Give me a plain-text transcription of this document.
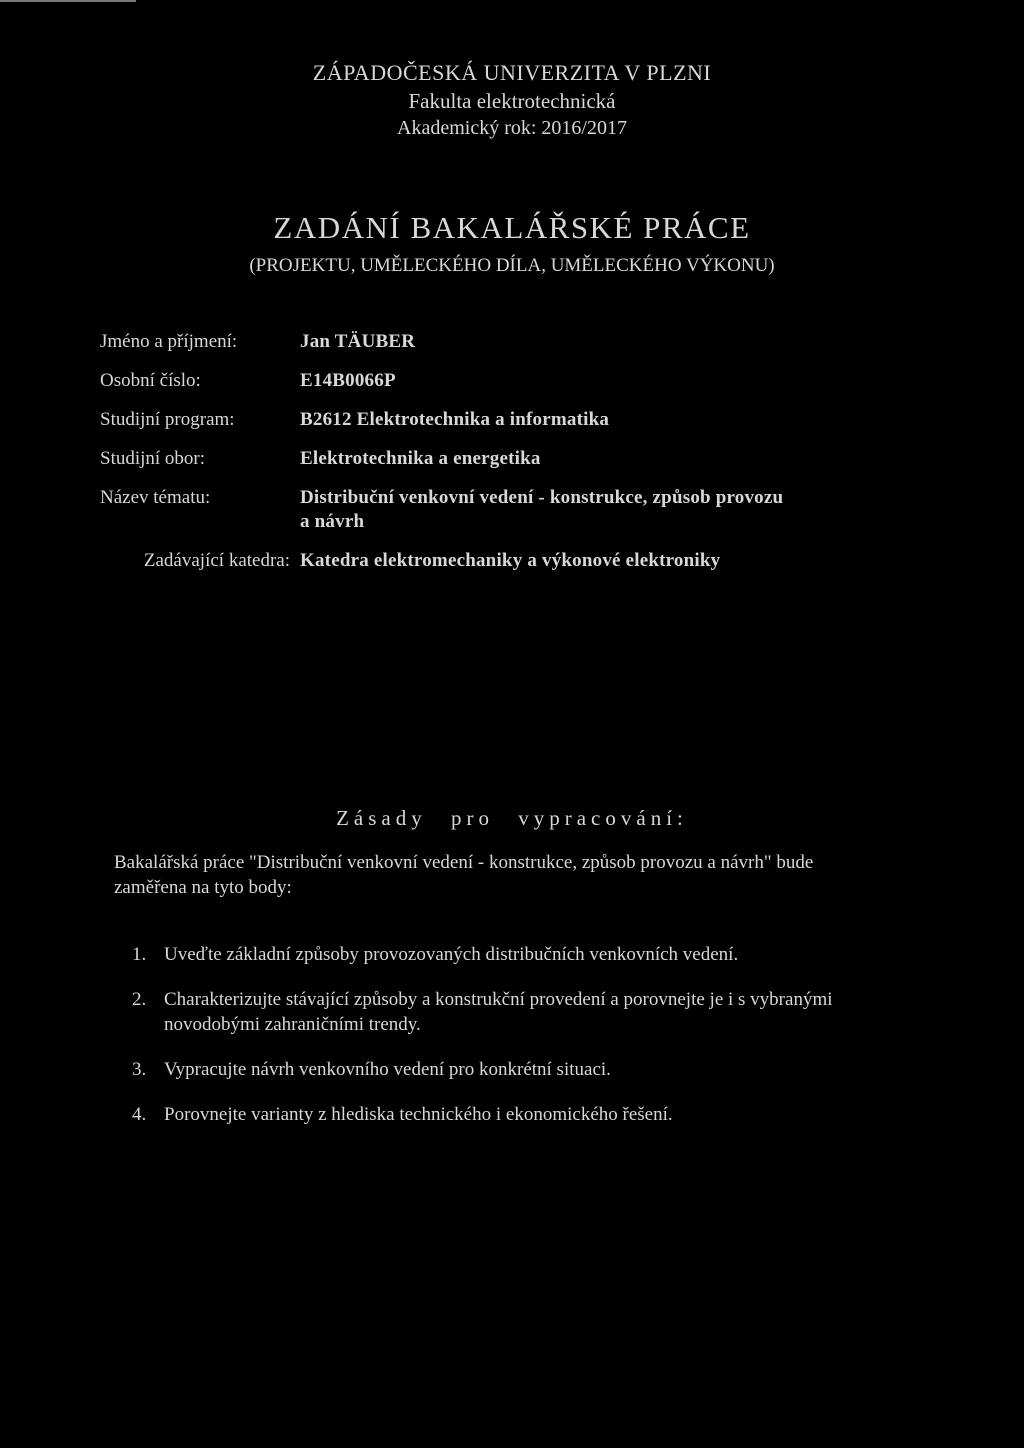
ZÁPADOČESKÁ UNIVERZITA V PLZNI
Fakulta elektrotechnická
Akademický rok: 2016/2017
ZADÁNÍ BAKALÁŘSKÉ PRÁCE
(PROJEKTU, UMĚLECKÉHO DÍLA, UMĚLECKÉHO VÝKONU)
Jméno a příjmení:	Jan TÄUBER
Osobní číslo:	E14B0066P
Studijní program:	B2612 Elektrotechnika a informatika
Studijní obor:	Elektrotechnika a energetika
Název tématu:	Distribuční venkovní vedení - konstrukce, způsob provozu
a návrh
Zadávající katedra: Katedra elektromechaniky a výkonové elektroniky
Zásady pro vypracování:
Bakalářská práce "Distribuční venkovní vedení - konstrukce, způsob provozu a návrh" bude
zaměřena na tyto body:
1. Uveďte základní způsoby provozovaných distribučních venkovních vedení.
2. Charakterizujte stávající způsoby a konstrukční provedení a porovnejte je i s vybranými novodobými zahraničními trendy.
3. Vypracujte návrh venkovního vedení pro konkrétní situaci.
4. Porovnejte varianty z hlediska technického i ekonomického řešení.
